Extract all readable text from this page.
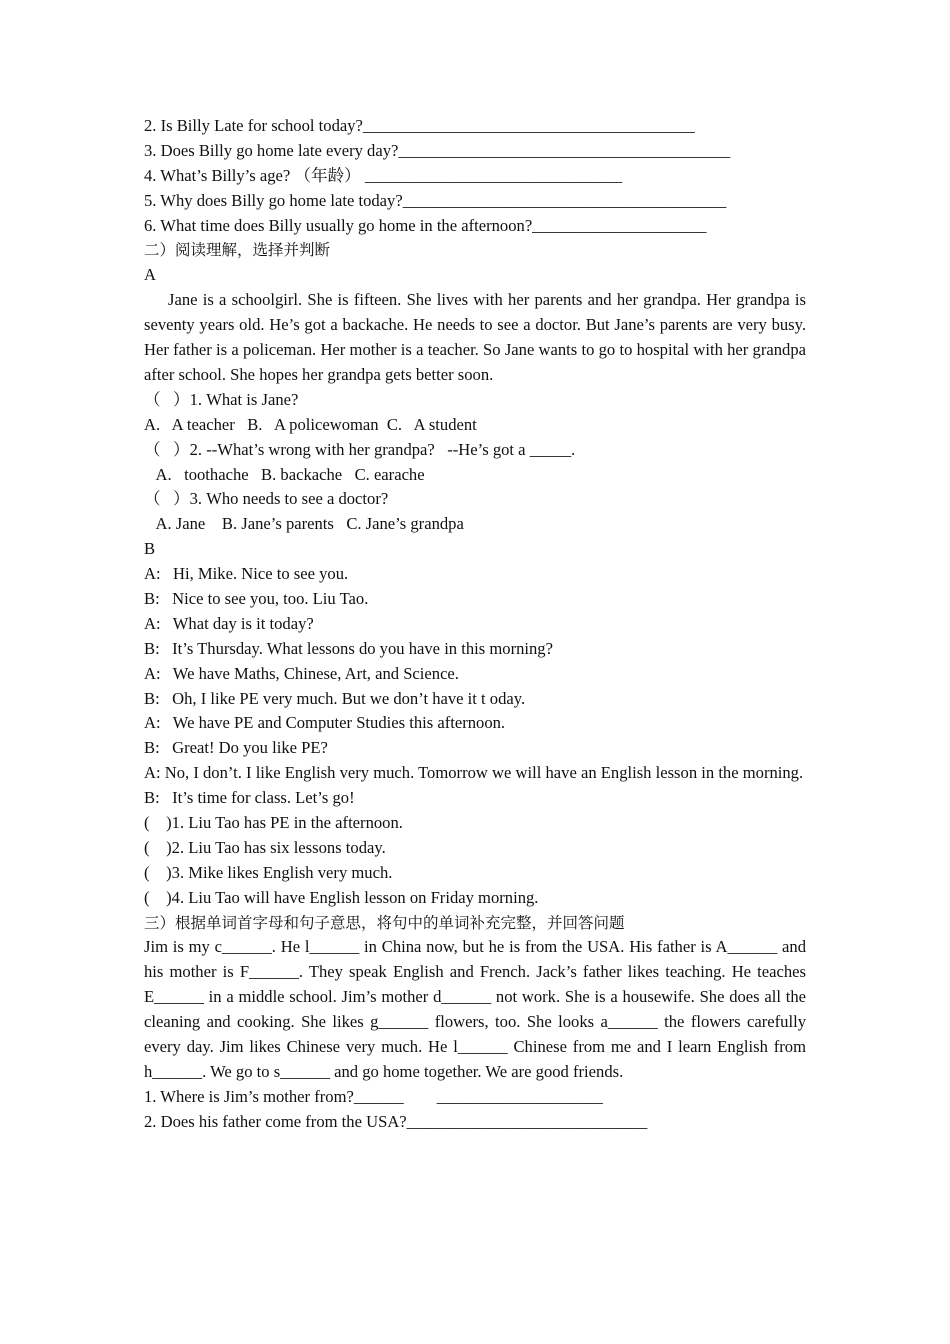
2. Is Billy Late for school today?________________________________________
3. Does Billy go home late every day?________________________________________
4. What’s Billy’s age? （年龄） _______________________________
5. Why does Billy go home late today?_______________________________________
6. What time does Billy usually go home in the afternoon?_____________________
二）阅读理解，选择并判断
A
Jane is a schoolgirl. She is fifteen. She lives with her parents and her grandpa. Her grandpa is seventy years old. He’s got a backache. He needs to see a doctor. But Jane’s parents are very busy. Her father is a policeman. Her mother is a teacher. So Jane wants to go to hospital with her grandpa after school. She hopes her grandpa gets better soon.
（   ）1. What is Jane?
A.   A teacher   B.   A policewoman  C.   A student
（   ）2. --What’s wrong with her grandpa?   --He’s got a _____.
A.   toothache   B. backache   C. earache
（   ）3. Who needs to see a doctor?
A. Jane    B. Jane’s parents   C. Jane’s grandpa
B
A:   Hi, Mike. Nice to see you.
B:   Nice to see you, too. Liu Tao.
A:   What day is it today?
B:   It’s Thursday. What lessons do you have in this morning?
A:   We have Maths, Chinese, Art, and Science.
B:   Oh, I like PE very much. But we don’t have it t oday.
A:   We have PE and Computer Studies this afternoon.
B:   Great! Do you like PE?
A: No, I don’t. I like English very much. Tomorrow we will have an English lesson in the morning.
B:   It’s time for class. Let’s go!
(    )1. Liu Tao has PE in the afternoon.
(    )2. Liu Tao has six lessons today.
(    )3. Mike likes English very much.
(    )4. Liu Tao will have English lesson on Friday morning.
三）根据单词首字母和句子意思，将句中的单词补充完整，并回答问题
Jim is my c______. He l______ in China now, but he is from the USA. His father is A______ and his mother is F______. They speak English and French. Jack’s father likes teaching. He teaches E______ in a middle school. Jim’s mother d______ not work. She is a housewife. She does all the cleaning and cooking. She likes g______ flowers, too. She looks a______ the flowers carefully every day. Jim likes Chinese very much. He l______ Chinese from me and I learn English from h______. We go to s______ and go home together. We are good friends.
1. Where is Jim’s mother from?______        ____________________
2. Does his father come from the USA?_____________________________
